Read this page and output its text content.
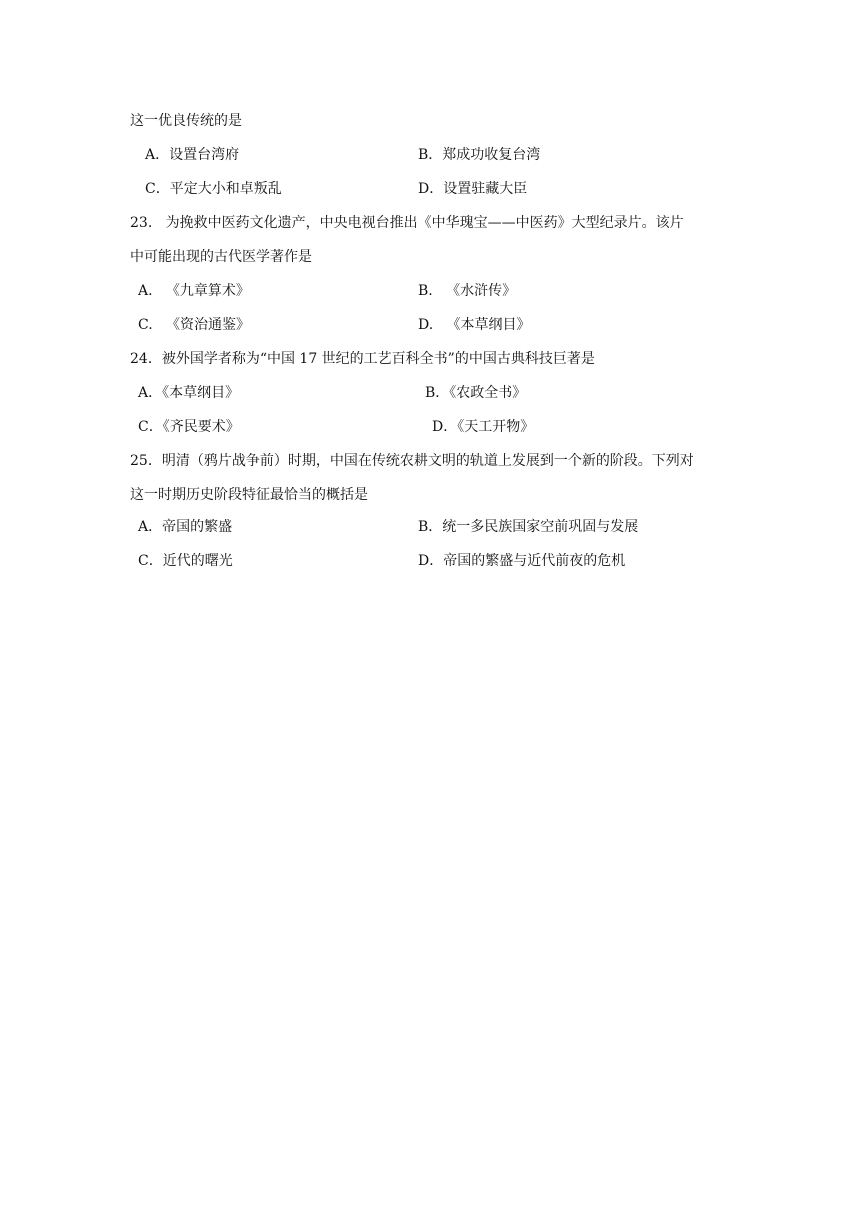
这一优良传统的是
A．设置台湾府	B．郑成功收复台湾
C．平定大小和卓叛乱	D．设置驻藏大臣
23.   为挽救中医药文化遗产，中央电视台推出《中华瑰宝——中医药》大型纪录片。该片
中可能出现的古代医学著作是
A.   《九章算术》	B.   《水浒传》
C.   《资治通鉴》	D.   《本草纲目》
24．被外国学者称为“中国 17 世纪的工艺百科全书”的中国古典科技巨著是
A．《本草纲目》	B．《农政全书》
C．《齐民要术》	D．《天工开物》
25．明清（鸦片战争前）时期，中国在传统农耕文明的轨道上发展到一个新的阶段。下列对
这一时期历史阶段特征最恰当的概括是
A．帝国的繁盛	B．统一多民族国家空前巩固与发展
C．近代的曙光	D．帝国的繁盛与近代前夜的危机
